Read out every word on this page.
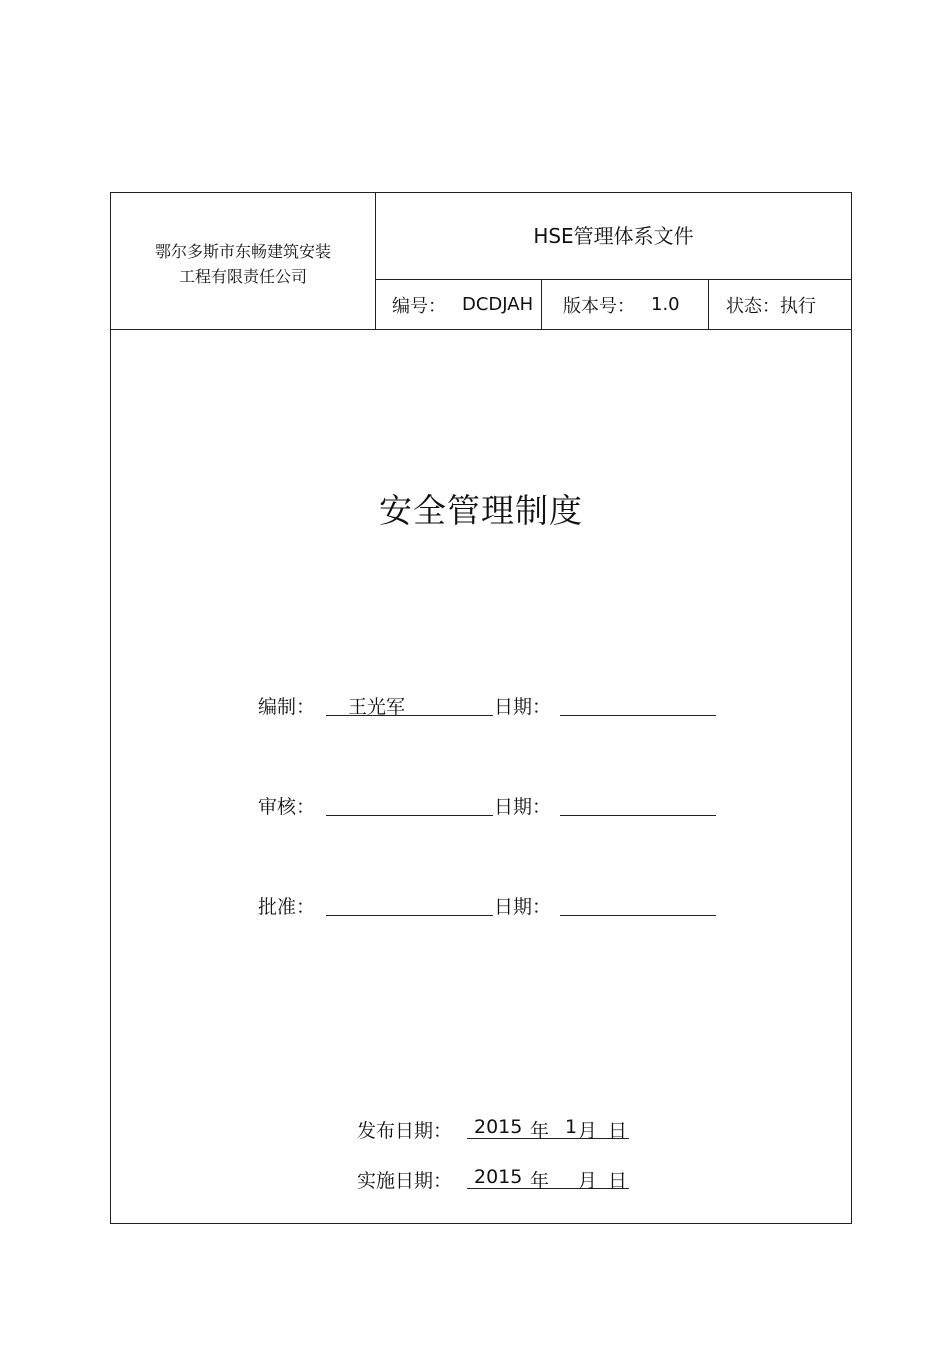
鄂尔多斯市东畅建筑安装
工程有限责任公司
HSE管理体系文件
编号： DCDJAH 版本号： 1.0	状态： 执行
安全管理制度
编制： 王光军	日期：
审核：	日期：
批准：	日期：
发布日期： 2015 年 1 月 日
实施日期： 2015 年 月 日
